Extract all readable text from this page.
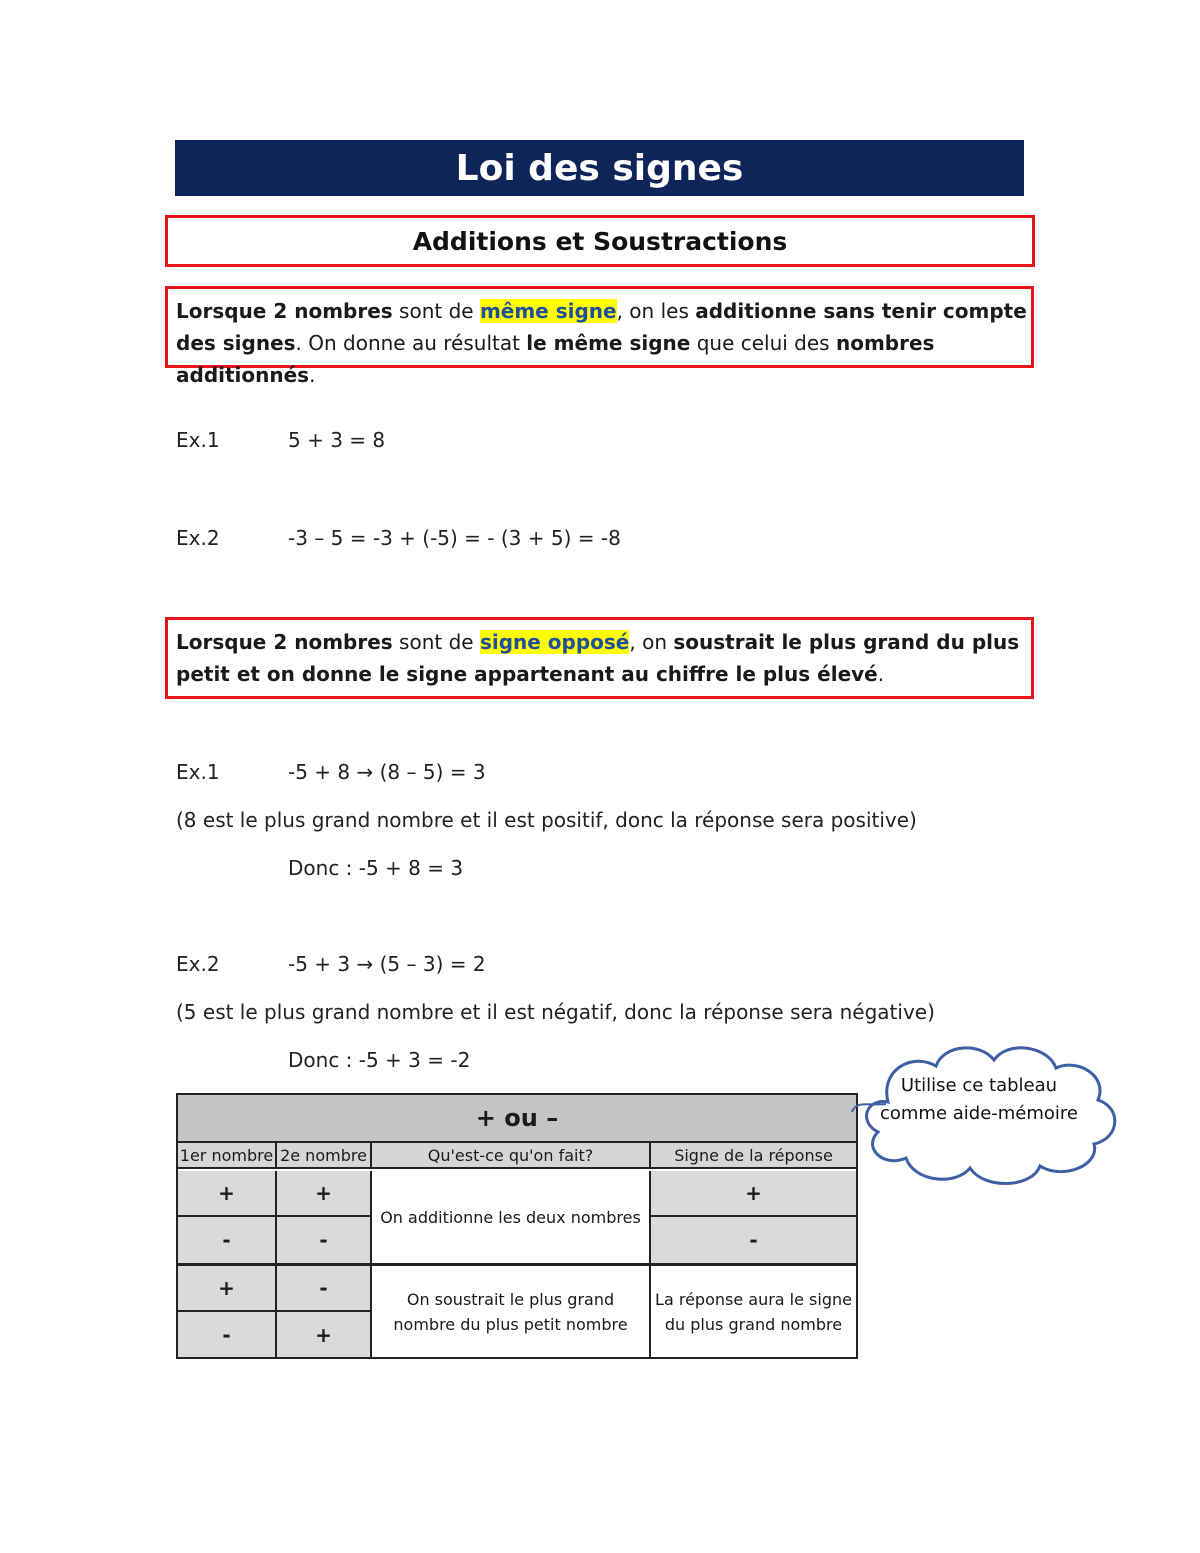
Loi des signes
Additions et Soustractions
Lorsque 2 nombres sont de même signe, on les additionne sans tenir compte des signes. On donne au résultat le même signe que celui des nombres additionnés.
Ex.1	5 + 3 = 8
Ex.2	-3 – 5 = -3 + (-5) = - (3 + 5) = -8
Lorsque 2 nombres sont de signe opposé, on soustrait le plus grand du plus petit et on donne le signe appartenant au chiffre le plus élevé.
Ex.1	-5 + 8 → (8 – 5) = 3
(8 est le plus grand nombre et il est positif, donc la réponse sera positive)
Donc : -5 + 8 = 3
Ex.2	-5 + 3 → (5 – 3) = 2
(5 est le plus grand nombre et il est négatif, donc la réponse sera négative)
Donc : -5 + 3 = -2
+ ou –
1er nombre 2e nombre	Qu'est-ce qu'on fait?	Signe de la réponse
+	+
-	-
On additionne les deux nombres
+
-
+	-
-	+
On soustrait le plus grand nombre du plus petit nombre
La réponse aura le signe du plus grand nombre
Utilise ce tableau comme aide-mémoire
